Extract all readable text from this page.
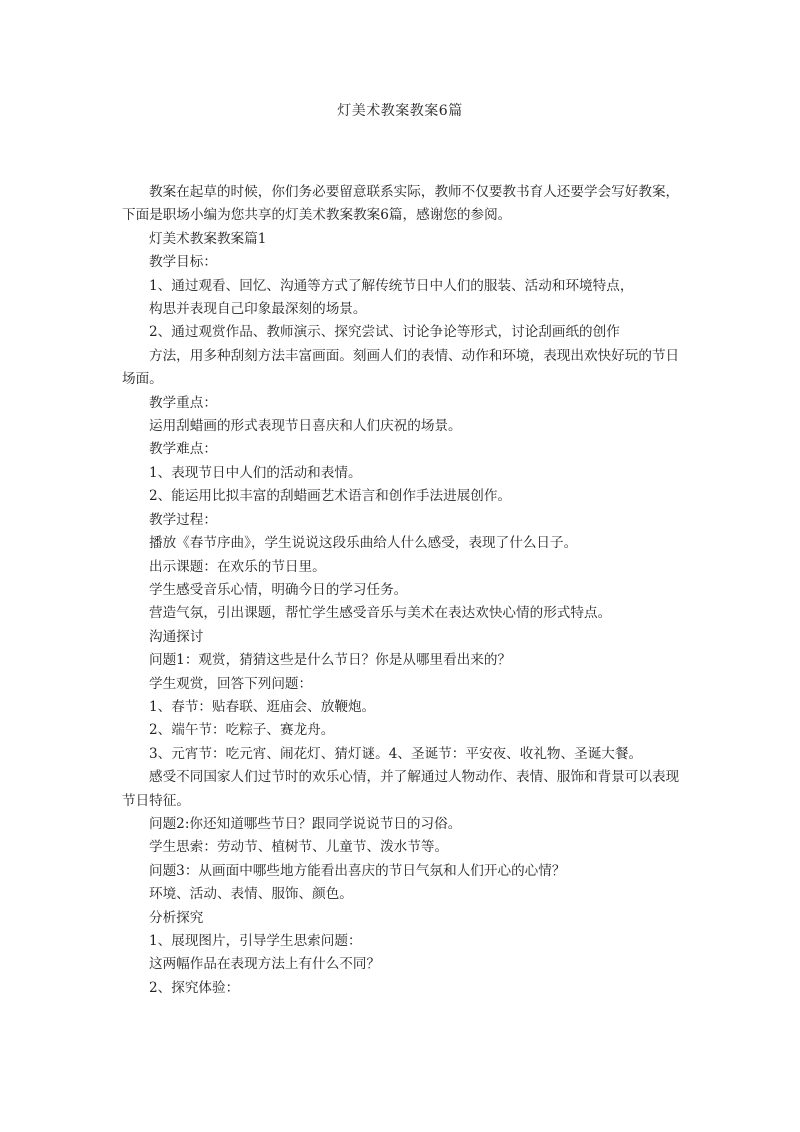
灯美术教案教案6篇

教案在起草的时候，你们务必要留意联系实际，教师不仅要教书育人还要学会写好教案，下面是职场小编为您共享的灯美术教案教案6篇，感谢您的参阅。

灯美术教案教案篇1

教学目标：

1、通过观看、回忆、沟通等方式了解传统节日中人们的服装、活动和环境特点，

构思并表现自己印象最深刻的场景。

2、通过观赏作品、教师演示、探究尝试、讨论争论等形式，讨论刮画纸的创作

方法，用多种刮刻方法丰富画面。刻画人们的表情、动作和环境，表现出欢快好玩的节日场面。

教学重点：

运用刮蜡画的形式表现节日喜庆和人们庆祝的场景。

教学难点：

1、表现节日中人们的活动和表情。

2、能运用比拟丰富的刮蜡画艺术语言和创作手法进展创作。

教学过程：

播放《春节序曲》，学生说说这段乐曲给人什么感受，表现了什么日子。

出示课题：在欢乐的节日里。

学生感受音乐心情，明确今日的学习任务。

营造气氛，引出课题，帮忙学生感受音乐与美术在表达欢快心情的形式特点。

沟通探讨

问题1：观赏，猜猜这些是什么节日？你是从哪里看出来的？

学生观赏，回答下列问题：

1、春节：贴春联、逛庙会、放鞭炮。

2、端午节：吃粽子、赛龙舟。

3、元宵节：吃元宵、闹花灯、猜灯谜。4、圣诞节：平安夜、收礼物、圣诞大餐。

感受不同国家人们过节时的欢乐心情，并了解通过人物动作、表情、服饰和背景可以表现节日特征。

问题2:你还知道哪些节日？跟同学说说节日的习俗。

学生思索：劳动节、植树节、儿童节、泼水节等。

问题3：从画面中哪些地方能看出喜庆的节日气氛和人们开心的心情？

环境、活动、表情、服饰、颜色。

分析探究

1、展现图片，引导学生思索问题：

这两幅作品在表现方法上有什么不同？

2、探究体验：
